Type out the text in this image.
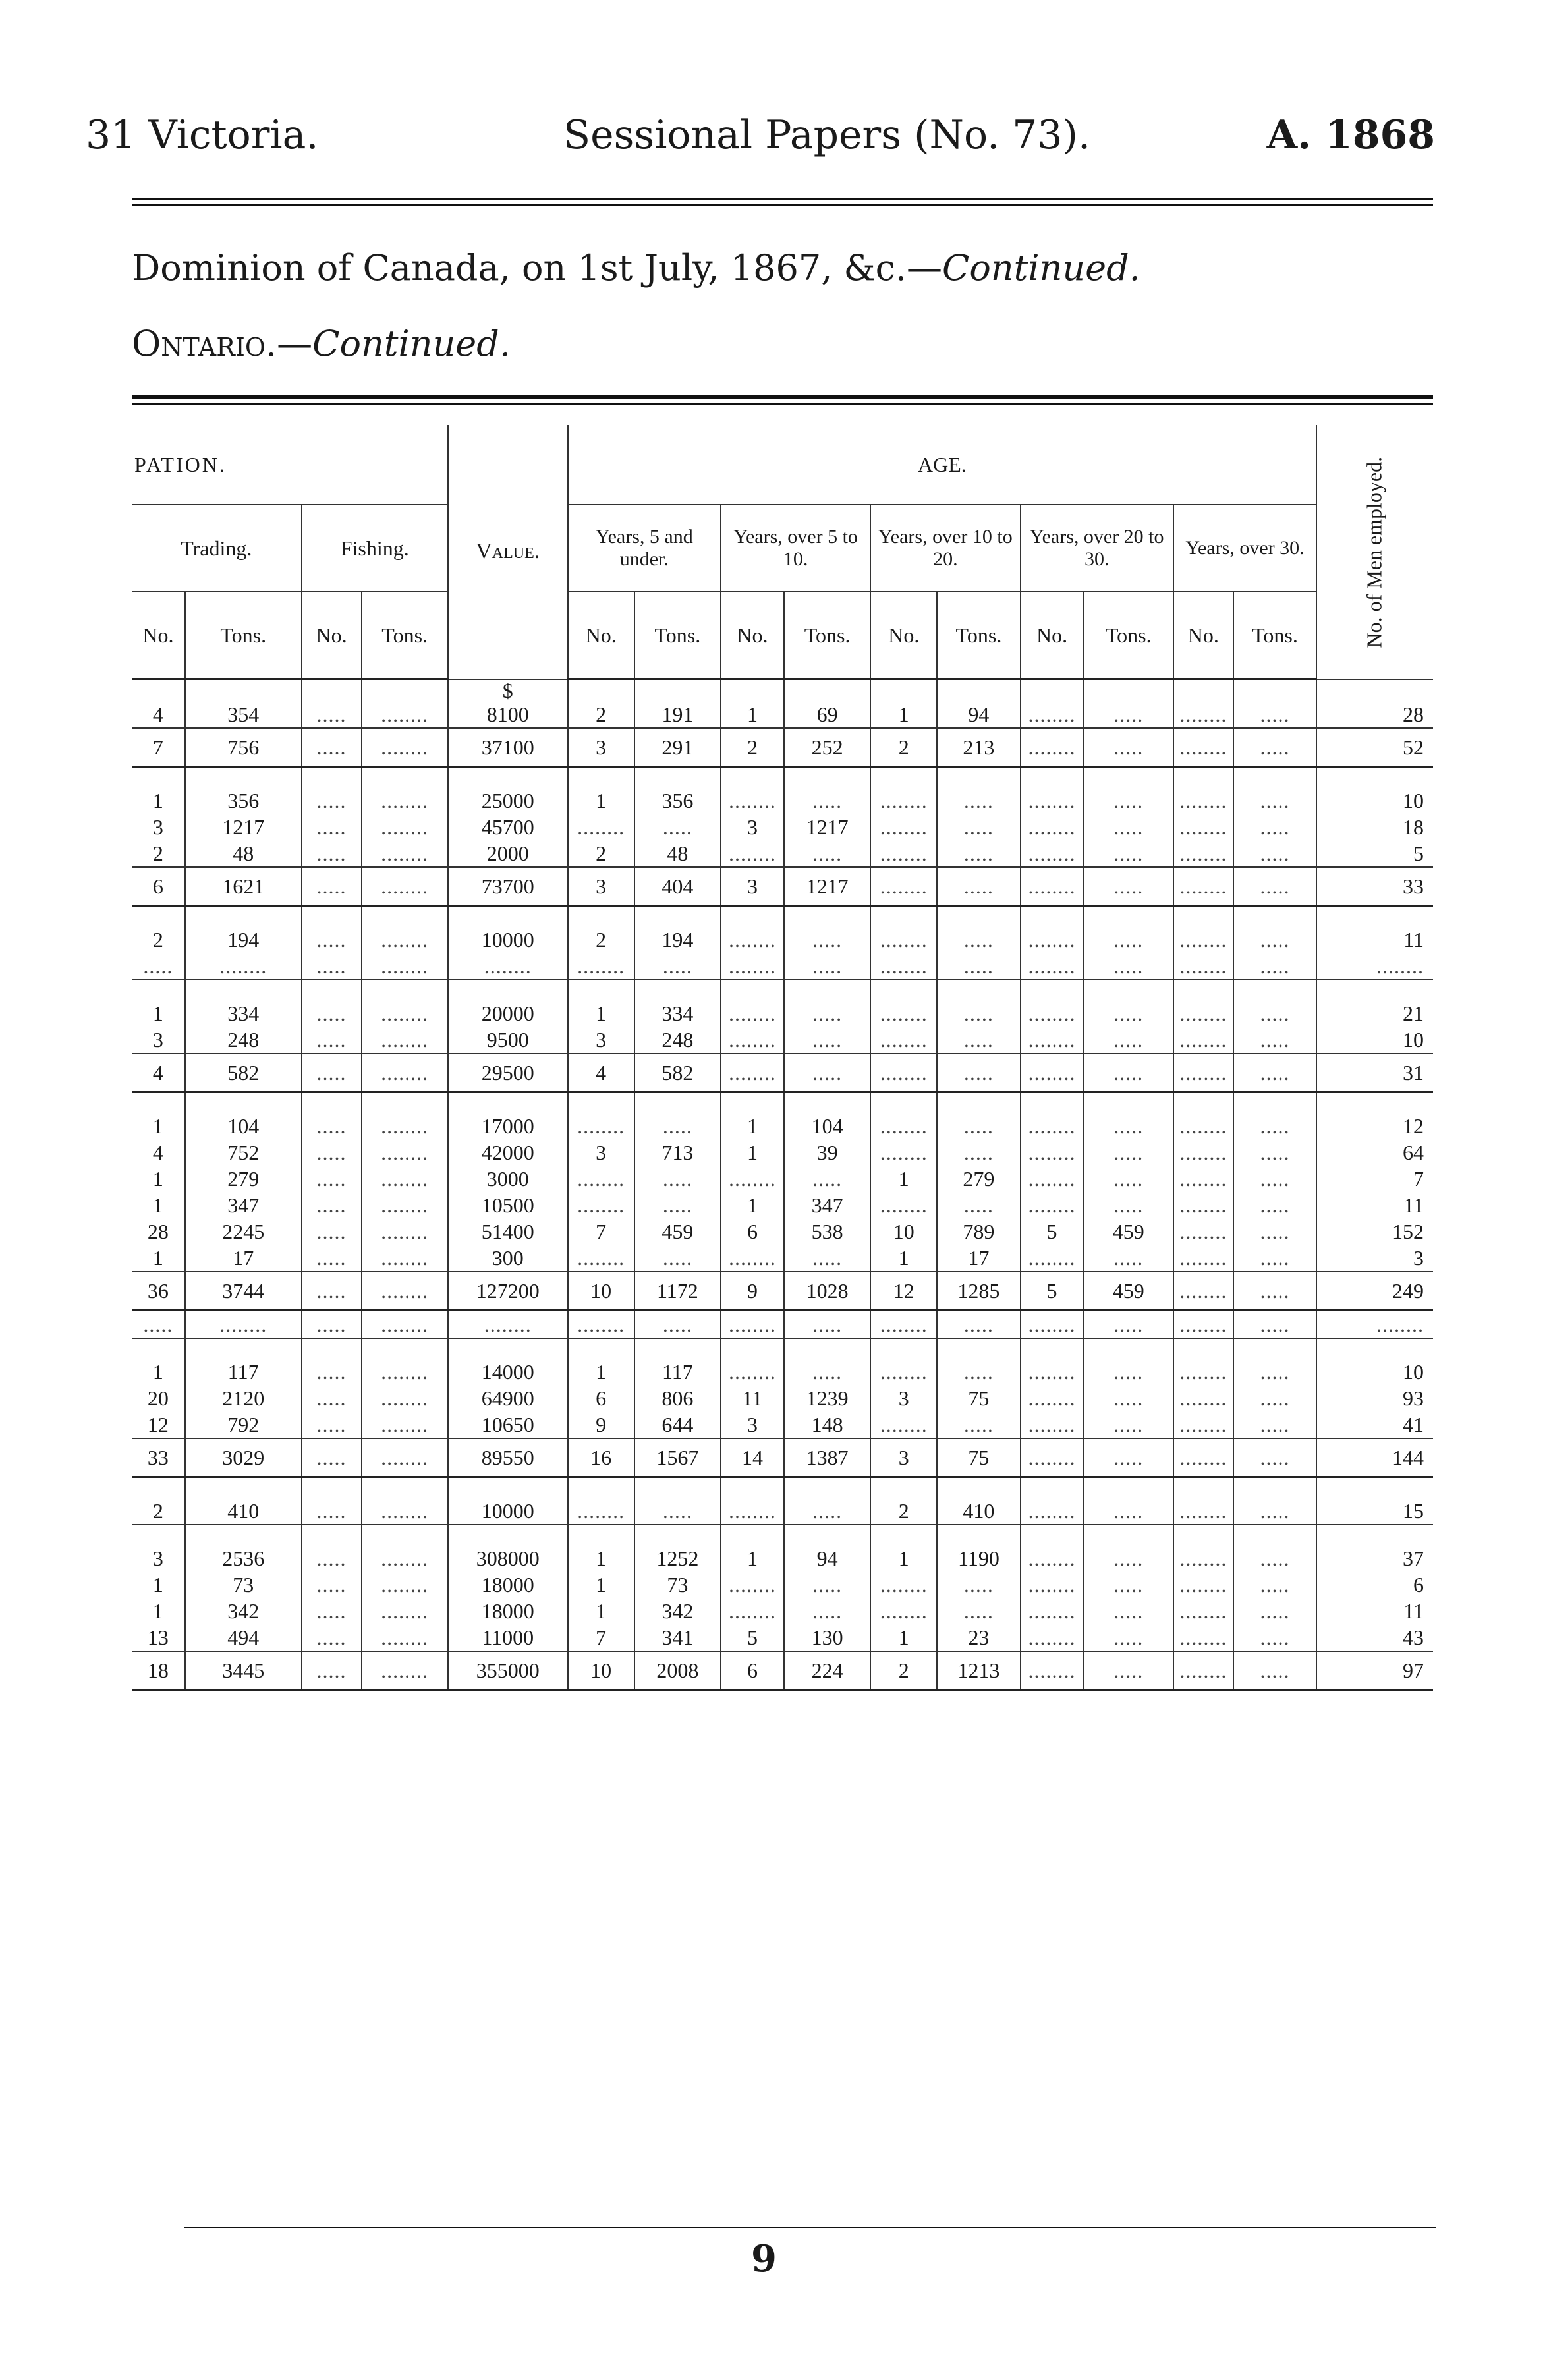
31 Victoria.	Sessional Papers (No. 73).	A. 1868
Dominion of Canada, on 1st July, 1867, &c.—Continued.
Ontario.—Continued.
PATION.				Value.	AGE.										No. of Men employed.
Trading.		Fishing.			Years, 5 and under.		Years, over 5 to 10.		Years, over 10 to 20.		Years, over 20 to 30.		Years, over 30.		
No.	Tons.	No.	Tons.		No.	Tons.	No.	Tons.	No.	Tons.	No.	Tons.	No.	Tons.	

				$											

4	354	.....	........	8100	2	191	1	69	1	94	........	.....	........	.....	28
7	756	.....	........	37100	3	291	2	252	2	213	........	.....	........	.....	52

1	356	.....	........	25000	1	356	........	.....	........	.....	........	.....	........	.....	10
3	1217	.....	........	45700	........	.....	3	1217	........	.....	........	.....	........	.....	18
2	48	.....	........	2000	2	48	........	.....	........	.....	........	.....	........	.....	5
6	1621	.....	........	73700	3	404	3	1217	........	.....	........	.....	........	.....	33

2	194	.....	........	10000	2	194	........	.....	........	.....	........	.....	........	.....	11
.....	........	.....	........	........	........	.....	........	.....	........	.....	........	.....	........	.....	........

1	334	.....	........	20000	1	334	........	.....	........	.....	........	.....	........	.....	21
3	248	.....	........	9500	3	248	........	.....	........	.....	........	.....	........	.....	10
4	582	.....	........	29500	4	582	........	.....	........	.....	........	.....	........	.....	31

1	104	.....	........	17000	........	.....	1	104	........	.....	........	.....	........	.....	12
4	752	.....	........	42000	3	713	1	39	........	.....	........	.....	........	.....	64
1	279	.....	........	3000	........	.....	........	.....	1	279	........	.....	........	.....	7
1	347	.....	........	10500	........	.....	1	347	........	.....	........	.....	........	.....	11
28	2245	.....	........	51400	7	459	6	538	10	789	5	459	........	.....	152
1	17	.....	........	300	........	.....	........	.....	1	17	........	.....	........	.....	3
36	3744	.....	........	127200	10	1172	9	1028	12	1285	5	459	........	.....	249
.....	........	.....	........	........	........	.....	........	.....	........	.....	........	.....	........	.....	........

1	117	.....	........	14000	1	117	........	.....	........	.....	........	.....	........	.....	10
20	2120	.....	........	64900	6	806	11	1239	3	75	........	.....	........	.....	93
12	792	.....	........	10650	9	644	3	148	........	.....	........	.....	........	.....	41
33	3029	.....	........	89550	16	1567	14	1387	3	75	........	.....	........	.....	144

2	410	.....	........	10000	........	.....	........	.....	2	410	........	.....	........	.....	15

3	2536	.....	........	308000	1	1252	1	94	1	1190	........	.....	........	.....	37
1	73	.....	........	18000	1	73	........	.....	........	.....	........	.....	........	.....	6
1	342	.....	........	18000	1	342	........	.....	........	.....	........	.....	........	.....	11
13	494	.....	........	11000	7	341	5	130	1	23	........	.....	........	.....	43
18	3445	.....	........	355000	10	2008	6	224	2	1213	........	.....	........	.....	97
9
